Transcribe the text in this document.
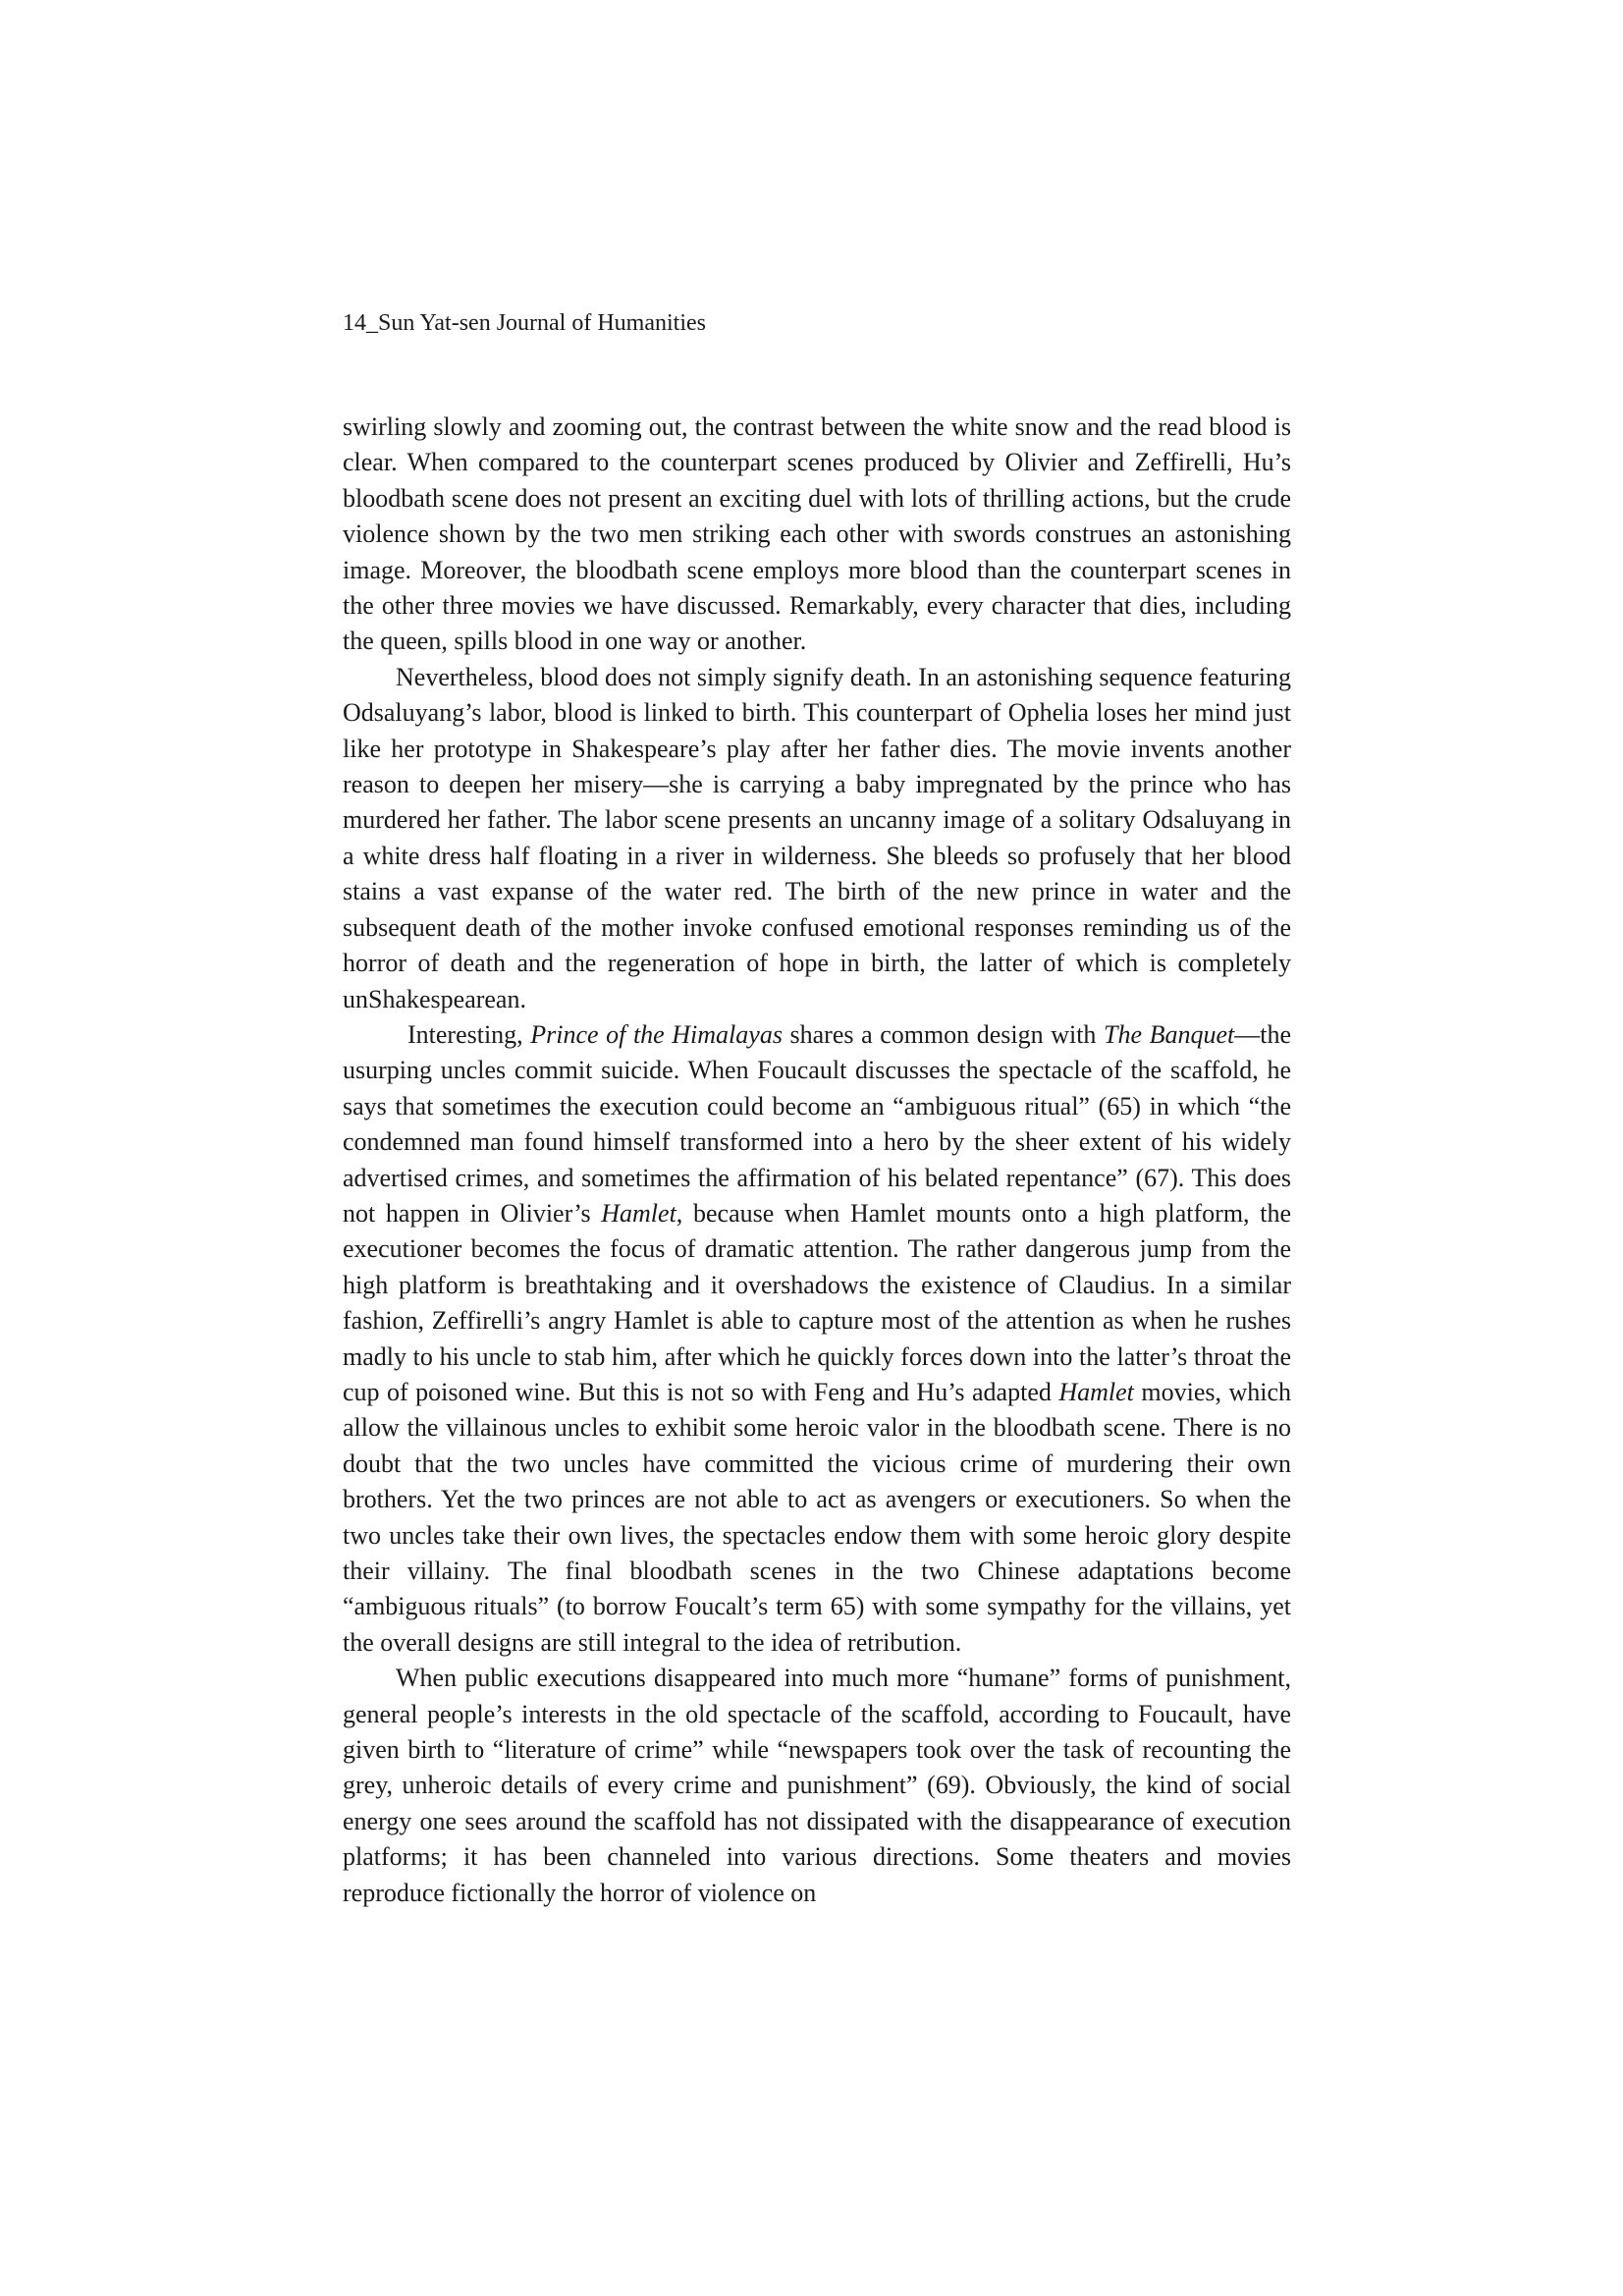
14_Sun Yat-sen Journal of Humanities

swirling slowly and zooming out, the contrast between the white snow and the read blood is clear. When compared to the counterpart scenes produced by Olivier and Zeffirelli, Hu’s bloodbath scene does not present an exciting duel with lots of thrilling actions, but the crude violence shown by the two men striking each other with swords construes an astonishing image. Moreover, the bloodbath scene employs more blood than the counterpart scenes in the other three movies we have discussed. Remarkably, every character that dies, including the queen, spills blood in one way or another.

Nevertheless, blood does not simply signify death. In an astonishing sequence featuring Odsaluyang’s labor, blood is linked to birth. This counterpart of Ophelia loses her mind just like her prototype in Shakespeare’s play after her father dies. The movie invents another reason to deepen her misery—she is carrying a baby impregnated by the prince who has murdered her father. The labor scene presents an uncanny image of a solitary Odsaluyang in a white dress half floating in a river in wilderness. She bleeds so profusely that her blood stains a vast expanse of the water red. The birth of the new prince in water and the subsequent death of the mother invoke confused emotional responses reminding us of the horror of death and the regeneration of hope in birth, the latter of which is completely unShakespearean.

Interesting, Prince of the Himalayas shares a common design with The Banquet—the usurping uncles commit suicide. When Foucault discusses the spectacle of the scaffold, he says that sometimes the execution could become an “ambiguous ritual” (65) in which “the condemned man found himself transformed into a hero by the sheer extent of his widely advertised crimes, and sometimes the affirmation of his belated repentance” (67). This does not happen in Olivier’s Hamlet, because when Hamlet mounts onto a high platform, the executioner becomes the focus of dramatic attention. The rather dangerous jump from the high platform is breathtaking and it overshadows the existence of Claudius. In a similar fashion, Zeffirelli’s angry Hamlet is able to capture most of the attention as when he rushes madly to his uncle to stab him, after which he quickly forces down into the latter’s throat the cup of poisoned wine. But this is not so with Feng and Hu’s adapted Hamlet movies, which allow the villainous uncles to exhibit some heroic valor in the bloodbath scene. There is no doubt that the two uncles have committed the vicious crime of murdering their own brothers. Yet the two princes are not able to act as avengers or executioners. So when the two uncles take their own lives, the spectacles endow them with some heroic glory despite their villainy. The final bloodbath scenes in the two Chinese adaptations become “ambiguous rituals” (to borrow Foucalt’s term 65) with some sympathy for the villains, yet the overall designs are still integral to the idea of retribution.

When public executions disappeared into much more “humane” forms of punishment, general people’s interests in the old spectacle of the scaffold, according to Foucault, have given birth to “literature of crime” while “newspapers took over the task of recounting the grey, unheroic details of every crime and punishment” (69). Obviously, the kind of social energy one sees around the scaffold has not dissipated with the disappearance of execution platforms; it has been channeled into various directions. Some theaters and movies reproduce fictionally the horror of violence on
